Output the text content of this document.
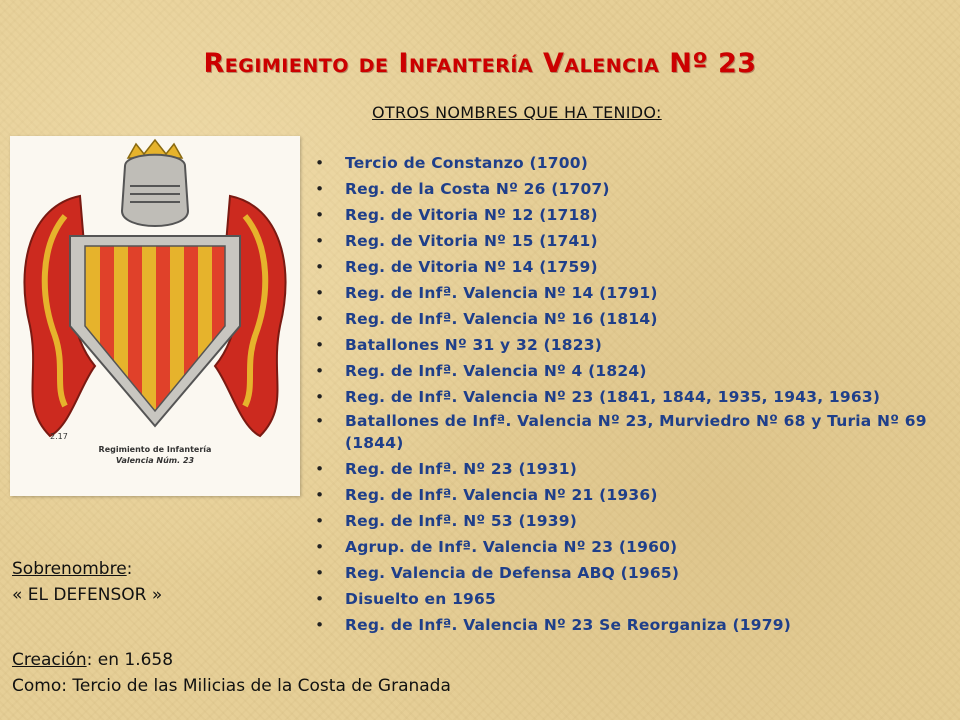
Regimiento de Infantería Valencia Nº 23
OTROS NOMBRES QUE HA TENIDO:
2.17
Regimiento de Infantería
Valencia Núm. 23
• Tercio de Constanzo (1700)
• Reg. de la Costa Nº 26 (1707)
• Reg. de Vitoria Nº 12 (1718)
• Reg. de Vitoria Nº 15 (1741)
• Reg. de Vitoria Nº 14 (1759)
• Reg. de Infª. Valencia Nº 14 (1791)
• Reg. de Infª. Valencia Nº 16 (1814)
• Batallones Nº 31 y 32 (1823)
• Reg. de Infª. Valencia Nº 4 (1824)
• Reg. de Infª. Valencia Nº 23 (1841, 1844, 1935, 1943, 1963)
• Batallones de Infª. Valencia Nº 23, Murviedro Nº 68 y Turia Nº 69 (1844)
• Reg. de Infª. Nº 23 (1931)
• Reg. de Infª. Valencia Nº 21 (1936)
• Reg. de Infª. Nº 53 (1939)
• Agrup. de Infª. Valencia Nº 23 (1960)
• Reg. Valencia de Defensa ABQ (1965)
• Disuelto en 1965
• Reg. de Infª. Valencia Nº 23 Se Reorganiza (1979)
Sobrenombre:
« EL DEFENSOR »
Creación: en 1.658
Como: Tercio de las Milicias de la Costa de Granada
